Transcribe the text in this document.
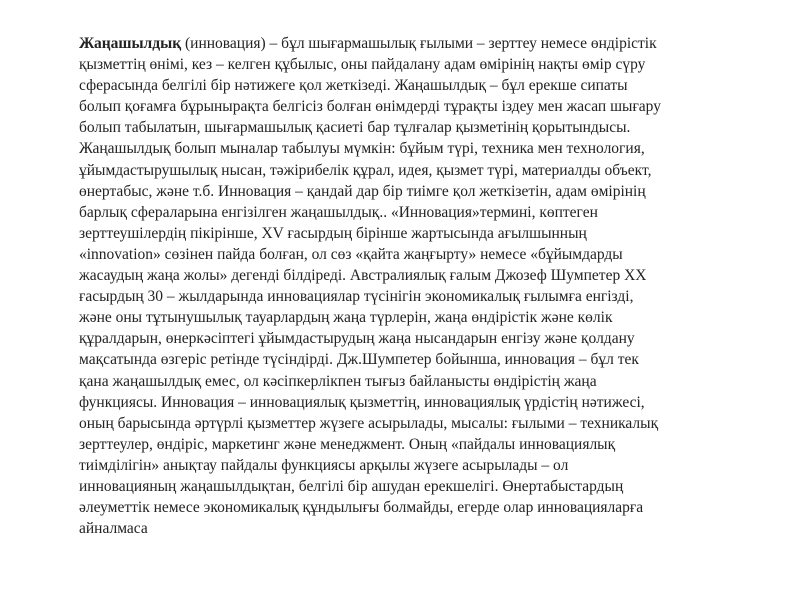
Жаңашылдық (инновация) – бұл шығармашылық ғылыми – зерттеу немесе өндірістік
қызметтің өнімі, кез – келген құбылыс, оны пайдалану адам өмірінің нақты өмір сүру
сферасында белгілі бір нәтижеге қол жеткізеді. Жаңашылдық – бұл ерекше сипаты
болып қоғамға бұрынырақта белгісіз болған өнімдерді тұрақты іздеу мен жасап шығару
болып табылатын, шығармашылық қасиеті бар тұлғалар қызметінің қорытындысы.
Жаңашылдық болып мыналар табылуы мүмкін: бұйым түрі, техника мен технология,
ұйымдастырушылық нысан, тәжірибелік құрал, идея, қызмет түрі, материалды объект,
өнертабыс, және т.б. Инновация – қандай дар бір тиімге қол жеткізетін, адам өмірінің
барлық сфераларына енгізілген жаңашылдық.. «Инновация»термині, көптеген
зерттеушілердің пікірінше, XV ғасырдың бірінше жартысында ағылшынның
«innovation» сөзінен пайда болған, ол сөз «қайта жаңғырту» немесе «бұйымдарды
жасаудың жаңа жолы» дегенді білдіреді. Австралиялық ғалым Джозеф Шумпетер XX
ғасырдың 30 – жылдарында инновациялар түсінігін экономикалық ғылымға енгізді,
және оны тұтынушылық тауарлардың жаңа түрлерін, жаңа өндірістік және көлік
құралдарын, өнеркәсіптегі ұйымдастырудың жаңа нысандарын енгізу және қолдану
мақсатында өзгеріс ретінде түсіндірді. Дж.Шумпетер бойынша, инновация – бұл тек
қана жаңашылдық емес, ол кәсіпкерлікпен тығыз байланысты өндірістің жаңа
функциясы. Инновация – инновациялық қызметтің, инновациялық үрдістің нәтижесі,
оның барысында әртүрлі қызметтер жүзеге асырылады, мысалы: ғылыми – техникалық
зерттеулер, өндіріс, маркетинг және менеджмент. Оның «пайдалы инновациялық
тиімділігін» анықтау пайдалы функциясы арқылы жүзеге асырылады – ол
инновацияның жаңашылдықтан, белгілі бір ашудан ерекшелігі. Өнертабыстардың
әлеуметтік немесе экономикалық құндылығы болмайды, егерде олар инновацияларға
айналмаса
